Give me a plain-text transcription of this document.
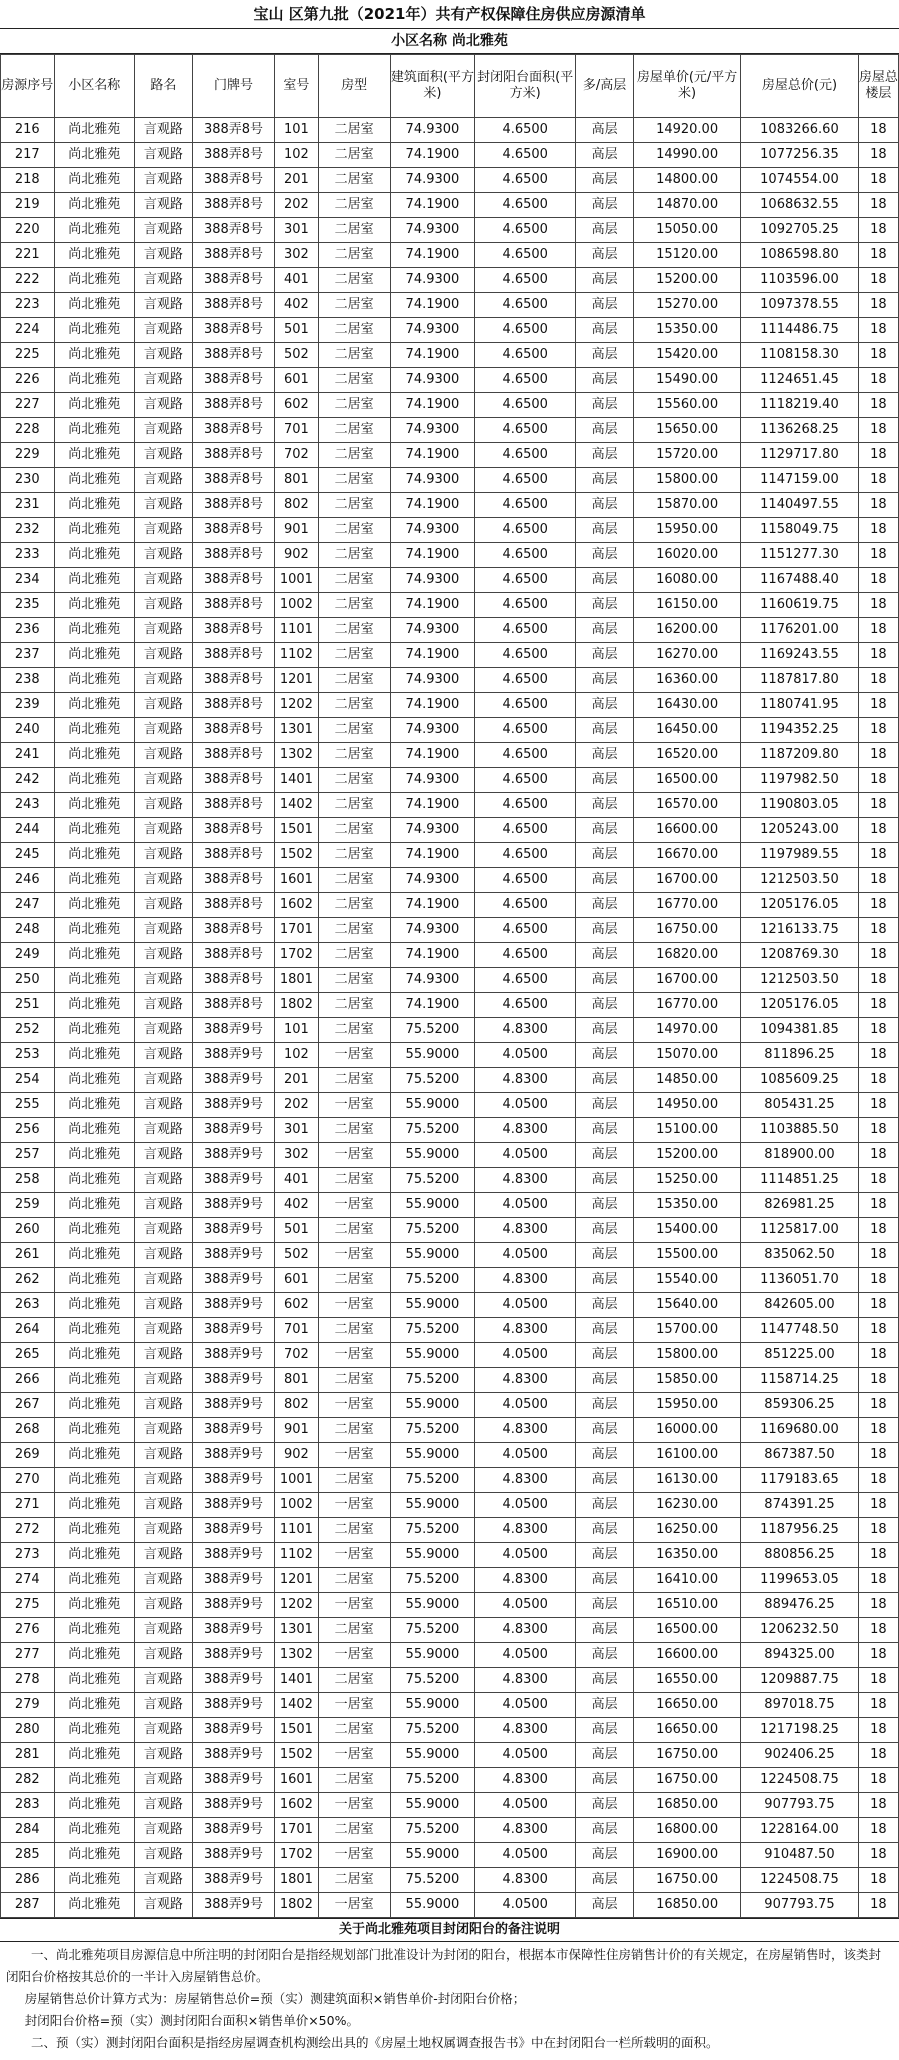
宝山 区第九批（2021年）共有产权保障住房供应房源清单
小区名称 尚北雅苑
房源序号	小区名称	路名	门牌号	室号	房型	建筑面积(平方米)	封闭阳台面积(平方米)	多/高层	房屋单价(元/平方米)	房屋总价(元)	房屋总楼层
216	尚北雅苑	言观路	388弄8号	101	二居室	74.9300	4.6500	高层	14920.00	1083266.60	18
217	尚北雅苑	言观路	388弄8号	102	二居室	74.1900	4.6500	高层	14990.00	1077256.35	18
218	尚北雅苑	言观路	388弄8号	201	二居室	74.9300	4.6500	高层	14800.00	1074554.00	18
219	尚北雅苑	言观路	388弄8号	202	二居室	74.1900	4.6500	高层	14870.00	1068632.55	18
220	尚北雅苑	言观路	388弄8号	301	二居室	74.9300	4.6500	高层	15050.00	1092705.25	18
221	尚北雅苑	言观路	388弄8号	302	二居室	74.1900	4.6500	高层	15120.00	1086598.80	18
222	尚北雅苑	言观路	388弄8号	401	二居室	74.9300	4.6500	高层	15200.00	1103596.00	18
223	尚北雅苑	言观路	388弄8号	402	二居室	74.1900	4.6500	高层	15270.00	1097378.55	18
224	尚北雅苑	言观路	388弄8号	501	二居室	74.9300	4.6500	高层	15350.00	1114486.75	18
225	尚北雅苑	言观路	388弄8号	502	二居室	74.1900	4.6500	高层	15420.00	1108158.30	18
226	尚北雅苑	言观路	388弄8号	601	二居室	74.9300	4.6500	高层	15490.00	1124651.45	18
227	尚北雅苑	言观路	388弄8号	602	二居室	74.1900	4.6500	高层	15560.00	1118219.40	18
228	尚北雅苑	言观路	388弄8号	701	二居室	74.9300	4.6500	高层	15650.00	1136268.25	18
229	尚北雅苑	言观路	388弄8号	702	二居室	74.1900	4.6500	高层	15720.00	1129717.80	18
230	尚北雅苑	言观路	388弄8号	801	二居室	74.9300	4.6500	高层	15800.00	1147159.00	18
231	尚北雅苑	言观路	388弄8号	802	二居室	74.1900	4.6500	高层	15870.00	1140497.55	18
232	尚北雅苑	言观路	388弄8号	901	二居室	74.9300	4.6500	高层	15950.00	1158049.75	18
233	尚北雅苑	言观路	388弄8号	902	二居室	74.1900	4.6500	高层	16020.00	1151277.30	18
234	尚北雅苑	言观路	388弄8号	1001	二居室	74.9300	4.6500	高层	16080.00	1167488.40	18
235	尚北雅苑	言观路	388弄8号	1002	二居室	74.1900	4.6500	高层	16150.00	1160619.75	18
236	尚北雅苑	言观路	388弄8号	1101	二居室	74.9300	4.6500	高层	16200.00	1176201.00	18
237	尚北雅苑	言观路	388弄8号	1102	二居室	74.1900	4.6500	高层	16270.00	1169243.55	18
238	尚北雅苑	言观路	388弄8号	1201	二居室	74.9300	4.6500	高层	16360.00	1187817.80	18
239	尚北雅苑	言观路	388弄8号	1202	二居室	74.1900	4.6500	高层	16430.00	1180741.95	18
240	尚北雅苑	言观路	388弄8号	1301	二居室	74.9300	4.6500	高层	16450.00	1194352.25	18
241	尚北雅苑	言观路	388弄8号	1302	二居室	74.1900	4.6500	高层	16520.00	1187209.80	18
242	尚北雅苑	言观路	388弄8号	1401	二居室	74.9300	4.6500	高层	16500.00	1197982.50	18
243	尚北雅苑	言观路	388弄8号	1402	二居室	74.1900	4.6500	高层	16570.00	1190803.05	18
244	尚北雅苑	言观路	388弄8号	1501	二居室	74.9300	4.6500	高层	16600.00	1205243.00	18
245	尚北雅苑	言观路	388弄8号	1502	二居室	74.1900	4.6500	高层	16670.00	1197989.55	18
246	尚北雅苑	言观路	388弄8号	1601	二居室	74.9300	4.6500	高层	16700.00	1212503.50	18
247	尚北雅苑	言观路	388弄8号	1602	二居室	74.1900	4.6500	高层	16770.00	1205176.05	18
248	尚北雅苑	言观路	388弄8号	1701	二居室	74.9300	4.6500	高层	16750.00	1216133.75	18
249	尚北雅苑	言观路	388弄8号	1702	二居室	74.1900	4.6500	高层	16820.00	1208769.30	18
250	尚北雅苑	言观路	388弄8号	1801	二居室	74.9300	4.6500	高层	16700.00	1212503.50	18
251	尚北雅苑	言观路	388弄8号	1802	二居室	74.1900	4.6500	高层	16770.00	1205176.05	18
252	尚北雅苑	言观路	388弄9号	101	二居室	75.5200	4.8300	高层	14970.00	1094381.85	18
253	尚北雅苑	言观路	388弄9号	102	一居室	55.9000	4.0500	高层	15070.00	811896.25	18
254	尚北雅苑	言观路	388弄9号	201	二居室	75.5200	4.8300	高层	14850.00	1085609.25	18
255	尚北雅苑	言观路	388弄9号	202	一居室	55.9000	4.0500	高层	14950.00	805431.25	18
256	尚北雅苑	言观路	388弄9号	301	二居室	75.5200	4.8300	高层	15100.00	1103885.50	18
257	尚北雅苑	言观路	388弄9号	302	一居室	55.9000	4.0500	高层	15200.00	818900.00	18
258	尚北雅苑	言观路	388弄9号	401	二居室	75.5200	4.8300	高层	15250.00	1114851.25	18
259	尚北雅苑	言观路	388弄9号	402	一居室	55.9000	4.0500	高层	15350.00	826981.25	18
260	尚北雅苑	言观路	388弄9号	501	二居室	75.5200	4.8300	高层	15400.00	1125817.00	18
261	尚北雅苑	言观路	388弄9号	502	一居室	55.9000	4.0500	高层	15500.00	835062.50	18
262	尚北雅苑	言观路	388弄9号	601	二居室	75.5200	4.8300	高层	15540.00	1136051.70	18
263	尚北雅苑	言观路	388弄9号	602	一居室	55.9000	4.0500	高层	15640.00	842605.00	18
264	尚北雅苑	言观路	388弄9号	701	二居室	75.5200	4.8300	高层	15700.00	1147748.50	18
265	尚北雅苑	言观路	388弄9号	702	一居室	55.9000	4.0500	高层	15800.00	851225.00	18
266	尚北雅苑	言观路	388弄9号	801	二居室	75.5200	4.8300	高层	15850.00	1158714.25	18
267	尚北雅苑	言观路	388弄9号	802	一居室	55.9000	4.0500	高层	15950.00	859306.25	18
268	尚北雅苑	言观路	388弄9号	901	二居室	75.5200	4.8300	高层	16000.00	1169680.00	18
269	尚北雅苑	言观路	388弄9号	902	一居室	55.9000	4.0500	高层	16100.00	867387.50	18
270	尚北雅苑	言观路	388弄9号	1001	二居室	75.5200	4.8300	高层	16130.00	1179183.65	18
271	尚北雅苑	言观路	388弄9号	1002	一居室	55.9000	4.0500	高层	16230.00	874391.25	18
272	尚北雅苑	言观路	388弄9号	1101	二居室	75.5200	4.8300	高层	16250.00	1187956.25	18
273	尚北雅苑	言观路	388弄9号	1102	一居室	55.9000	4.0500	高层	16350.00	880856.25	18
274	尚北雅苑	言观路	388弄9号	1201	二居室	75.5200	4.8300	高层	16410.00	1199653.05	18
275	尚北雅苑	言观路	388弄9号	1202	一居室	55.9000	4.0500	高层	16510.00	889476.25	18
276	尚北雅苑	言观路	388弄9号	1301	二居室	75.5200	4.8300	高层	16500.00	1206232.50	18
277	尚北雅苑	言观路	388弄9号	1302	一居室	55.9000	4.0500	高层	16600.00	894325.00	18
278	尚北雅苑	言观路	388弄9号	1401	二居室	75.5200	4.8300	高层	16550.00	1209887.75	18
279	尚北雅苑	言观路	388弄9号	1402	一居室	55.9000	4.0500	高层	16650.00	897018.75	18
280	尚北雅苑	言观路	388弄9号	1501	二居室	75.5200	4.8300	高层	16650.00	1217198.25	18
281	尚北雅苑	言观路	388弄9号	1502	一居室	55.9000	4.0500	高层	16750.00	902406.25	18
282	尚北雅苑	言观路	388弄9号	1601	二居室	75.5200	4.8300	高层	16750.00	1224508.75	18
283	尚北雅苑	言观路	388弄9号	1602	一居室	55.9000	4.0500	高层	16850.00	907793.75	18
284	尚北雅苑	言观路	388弄9号	1701	二居室	75.5200	4.8300	高层	16800.00	1228164.00	18
285	尚北雅苑	言观路	388弄9号	1702	一居室	55.9000	4.0500	高层	16900.00	910487.50	18
286	尚北雅苑	言观路	388弄9号	1801	二居室	75.5200	4.8300	高层	16750.00	1224508.75	18
287	尚北雅苑	言观路	388弄9号	1802	一居室	55.9000	4.0500	高层	16850.00	907793.75	18
关于尚北雅苑项目封闭阳台的备注说明

一、尚北雅苑项目房源信息中所注明的封闭阳台是指经规划部门批准设计为封闭的阳台，根据本市保障性住房销售计价的有关规定，在房屋销售时，该类封闭阳台价格按其总价的一半计入房屋销售总价。

房屋销售总价计算方式为：房屋销售总价=预（实）测建筑面积×销售单价-封闭阳台价格；

封闭阳台价格=预（实）测封闭阳台面积×销售单价×50%。

二、预（实）测封闭阳台面积是指经房屋调查机构测绘出具的《房屋土地权属调查报告书》中在封闭阳台一栏所载明的面积。
